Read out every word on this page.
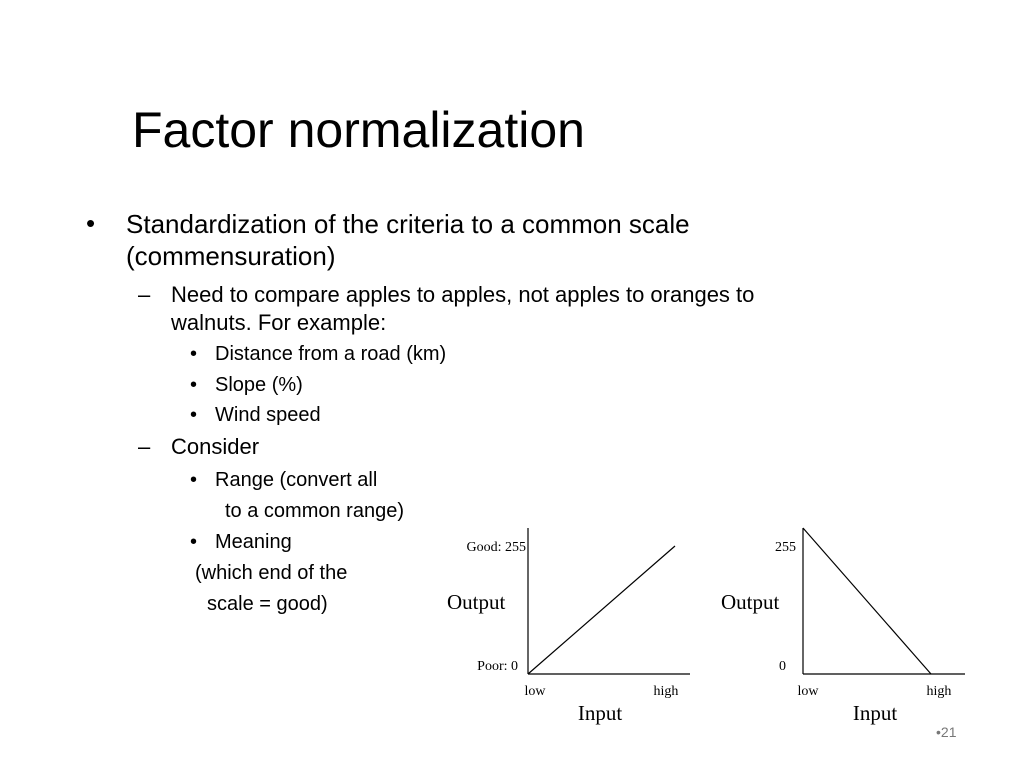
Factor normalization
• Standardization of the criteria to a common scale
(commensuration)
– Need to compare apples to apples, not apples to oranges to
walnuts. For example:
• Distance from a road (km)
• Slope (%)
• Wind speed
– Consider
• Range (convert all
to a common range)
• Meaning
(which end of the
scale = good)
Good: 255
Poor: 0
Output
low	high
Input
255
0
Output
low	high
Input
•21
